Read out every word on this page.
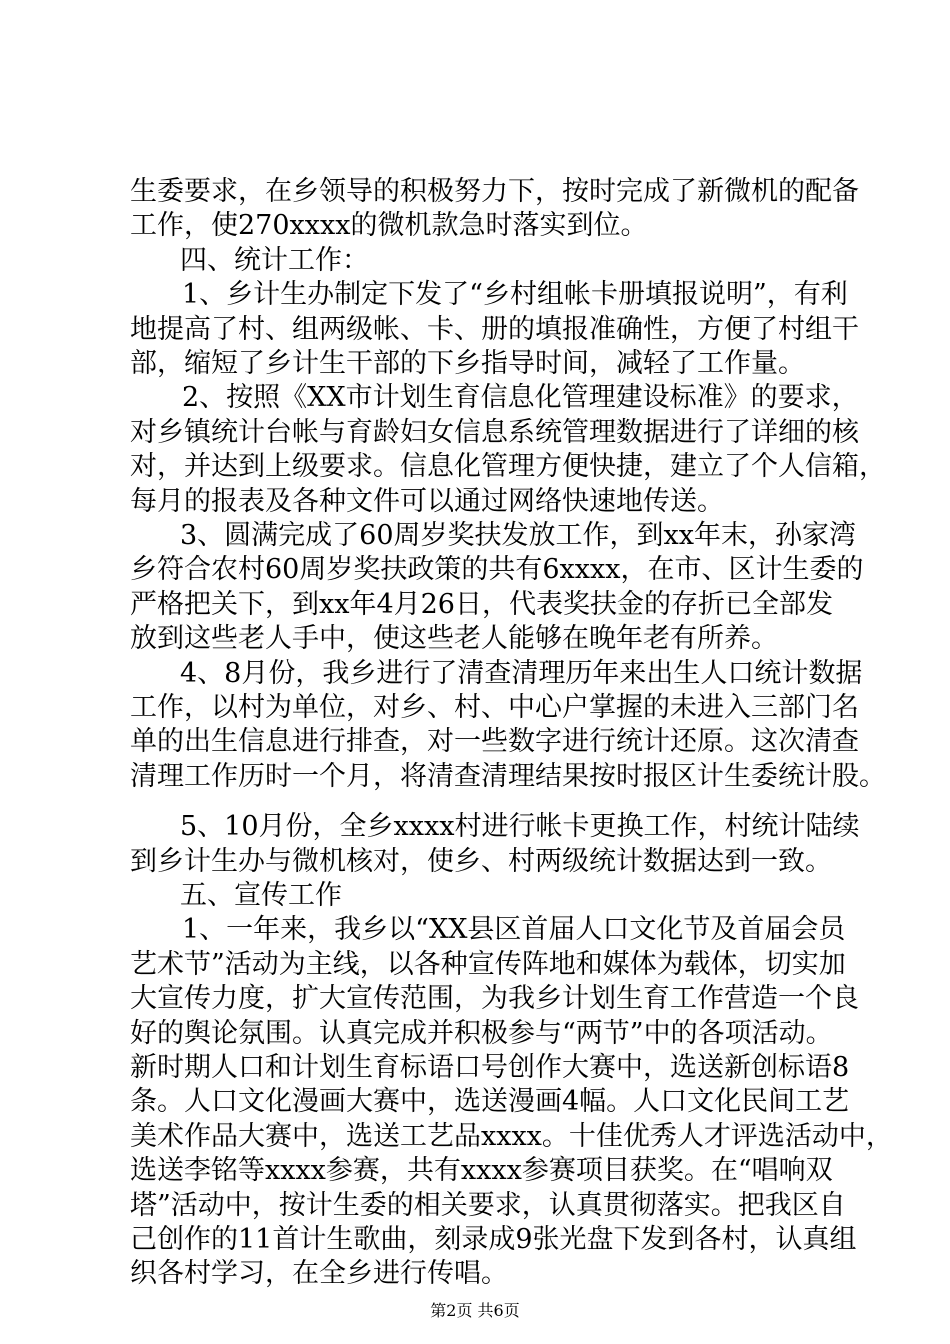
生委要求，在乡领导的积极努力下，按时完成了新微机的配备
工作，使270xxxx的微机款急时落实到位。
四、统计工作：
1、乡计生办制定下发了“乡村组帐卡册填报说明”，有利
地提高了村、组两级帐、卡、册的填报准确性，方便了村组干
部，缩短了乡计生干部的下乡指导时间，减轻了工作量。
2、按照《XX市计划生育信息化管理建设标准》的要求，
对乡镇统计台帐与育龄妇女信息系统管理数据进行了详细的核
对，并达到上级要求。信息化管理方便快捷，建立了个人信箱，
每月的报表及各种文件可以通过网络快速地传送。
3、圆满完成了60周岁奖扶发放工作，到xx年末，孙家湾
乡符合农村60周岁奖扶政策的共有6xxxx，在市、区计生委的
严格把关下，到xx年4月26日，代表奖扶金的存折已全部发
放到这些老人手中，使这些老人能够在晚年老有所养。
4、8月份，我乡进行了清查清理历年来出生人口统计数据
工作，以村为单位，对乡、村、中心户掌握的未进入三部门名
单的出生信息进行排查，对一些数字进行统计还原。这次清查
清理工作历时一个月，将清查清理结果按时报区计生委统计股。
5、10月份，全乡xxxx村进行帐卡更换工作，村统计陆续
到乡计生办与微机核对，使乡、村两级统计数据达到一致。
五、宣传工作
1、一年来，我乡以“XX县区首届人口文化节及首届会员
艺术节”活动为主线，以各种宣传阵地和媒体为载体，切实加
大宣传力度，扩大宣传范围，为我乡计划生育工作营造一个良
好的舆论氛围。认真完成并积极参与“两节”中的各项活动。
新时期人口和计划生育标语口号创作大赛中，选送新创标语8
条。人口文化漫画大赛中，选送漫画4幅。人口文化民间工艺
美术作品大赛中，选送工艺品xxxx。十佳优秀人才评选活动中，
选送李铭等xxxx参赛，共有xxxx参赛项目获奖。在“唱响双
塔”活动中，按计生委的相关要求，认真贯彻落实。把我区自
己创作的11首计生歌曲，刻录成9张光盘下发到各村，认真组
织各村学习，在全乡进行传唱。
第2页 共6页
